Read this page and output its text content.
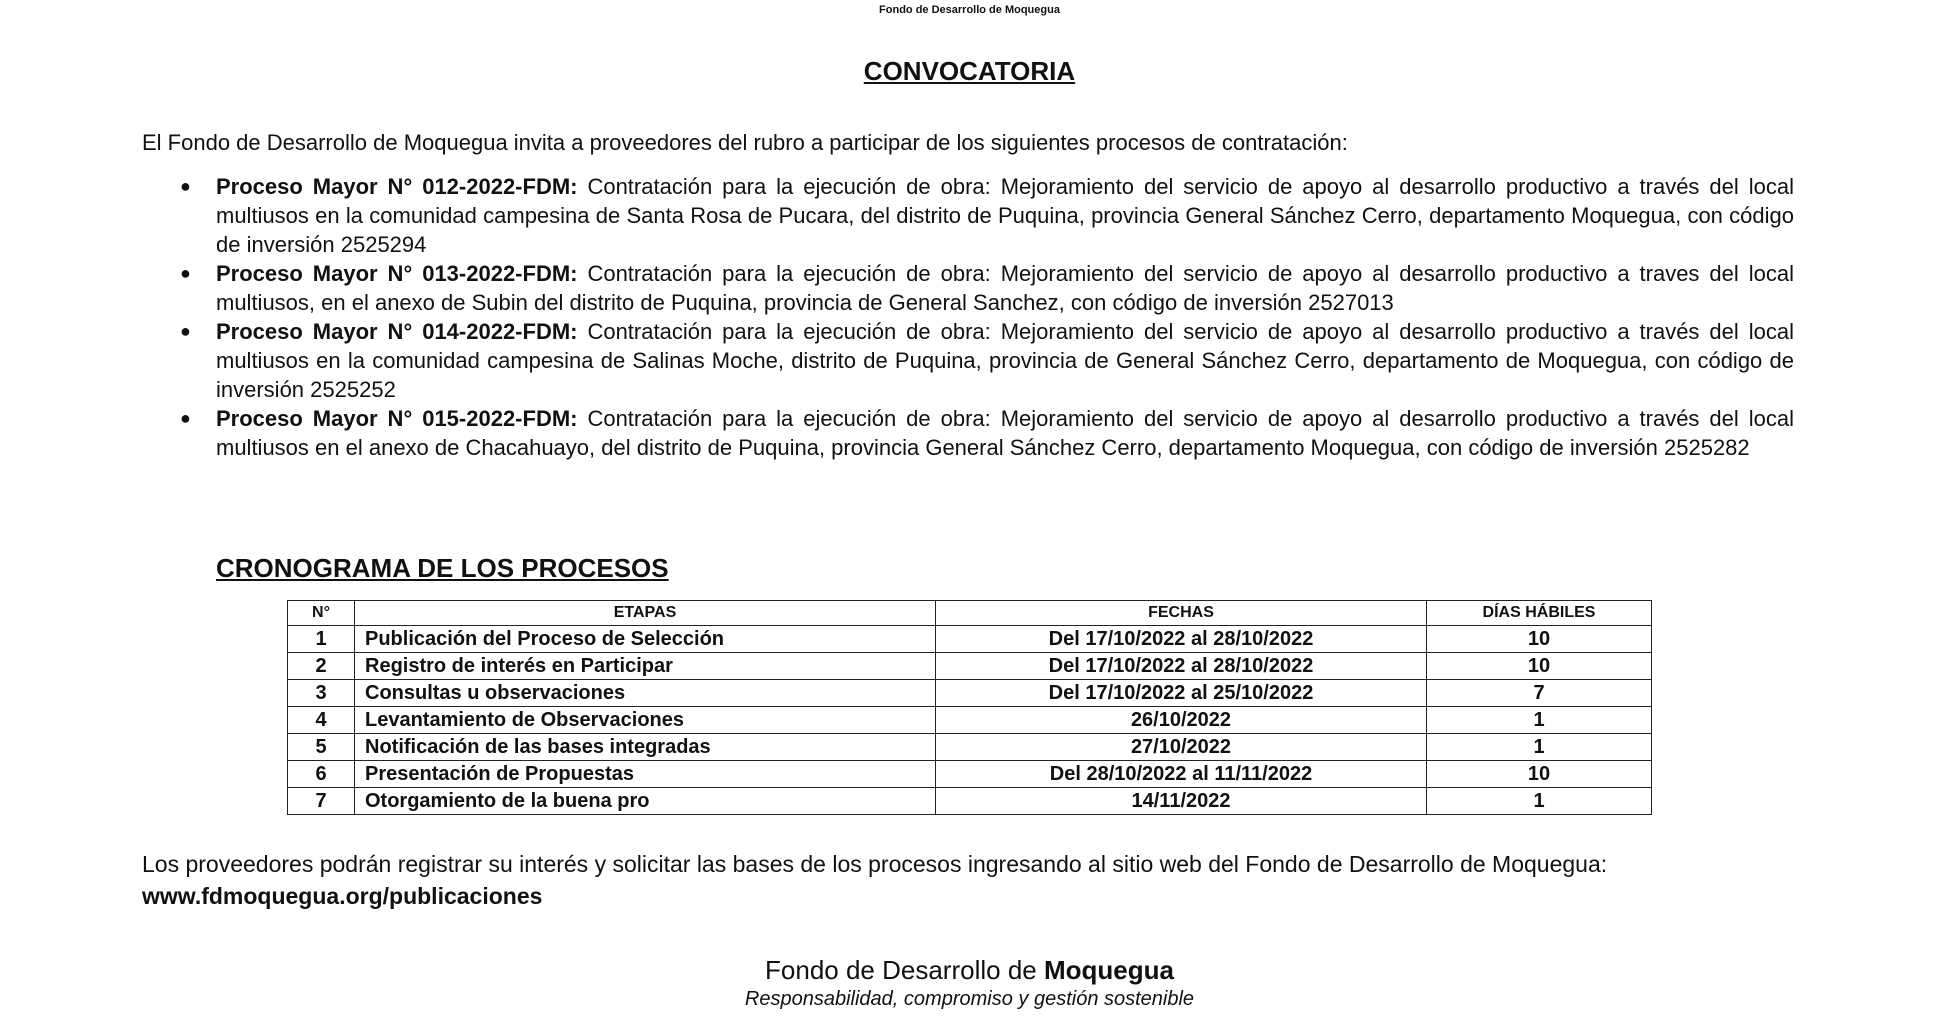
Fondo de Desarrollo de Moquegua
CONVOCATORIA
El Fondo de Desarrollo de Moquegua invita a proveedores del rubro a participar de los siguientes procesos de contratación:
● Proceso Mayor N° 012-2022-FDM: Contratación para la ejecución de obra: Mejoramiento del servicio de apoyo al desarrollo productivo a través del local multiusos en la comunidad campesina de Santa Rosa de Pucara, del distrito de Puquina, provincia General Sánchez Cerro, departamento Moquegua, con código de inversión 2525294
● Proceso Mayor N° 013-2022-FDM: Contratación para la ejecución de obra: Mejoramiento del servicio de apoyo al desarrollo productivo a traves del local multiusos, en el anexo de Subin del distrito de Puquina, provincia de General Sanchez, con código de inversión 2527013
● Proceso Mayor N° 014-2022-FDM: Contratación para la ejecución de obra: Mejoramiento del servicio de apoyo al desarrollo productivo a través del local multiusos en la comunidad campesina de Salinas Moche, distrito de Puquina, provincia de General Sánchez Cerro, departamento de Moquegua, con código de inversión 2525252
● Proceso Mayor N° 015-2022-FDM: Contratación para la ejecución de obra: Mejoramiento del servicio de apoyo al desarrollo productivo a través del local multiusos en el anexo de Chacahuayo, del distrito de Puquina, provincia General Sánchez Cerro, departamento Moquegua, con código de inversión 2525282
CRONOGRAMA DE LOS PROCESOS
N°	ETAPAS	FECHAS	DÍAS HÁBILES
1	Publicación del Proceso de Selección	Del 17/10/2022 al 28/10/2022	10
2	Registro de interés en Participar	Del 17/10/2022 al 28/10/2022	10
3	Consultas u observaciones	Del 17/10/2022 al 25/10/2022	7
4	Levantamiento de Observaciones	26/10/2022	1
5	Notificación de las bases integradas	27/10/2022	1
6	Presentación de Propuestas	Del 28/10/2022 al 11/11/2022	10
7	Otorgamiento de la buena pro	14/11/2022	1
Los proveedores podrán registrar su interés y solicitar las bases de los procesos ingresando al sitio web del Fondo de Desarrollo de Moquegua: www.fdmoquegua.org/publicaciones
Fondo de Desarrollo de Moquegua
Responsabilidad, compromiso y gestión sostenible
